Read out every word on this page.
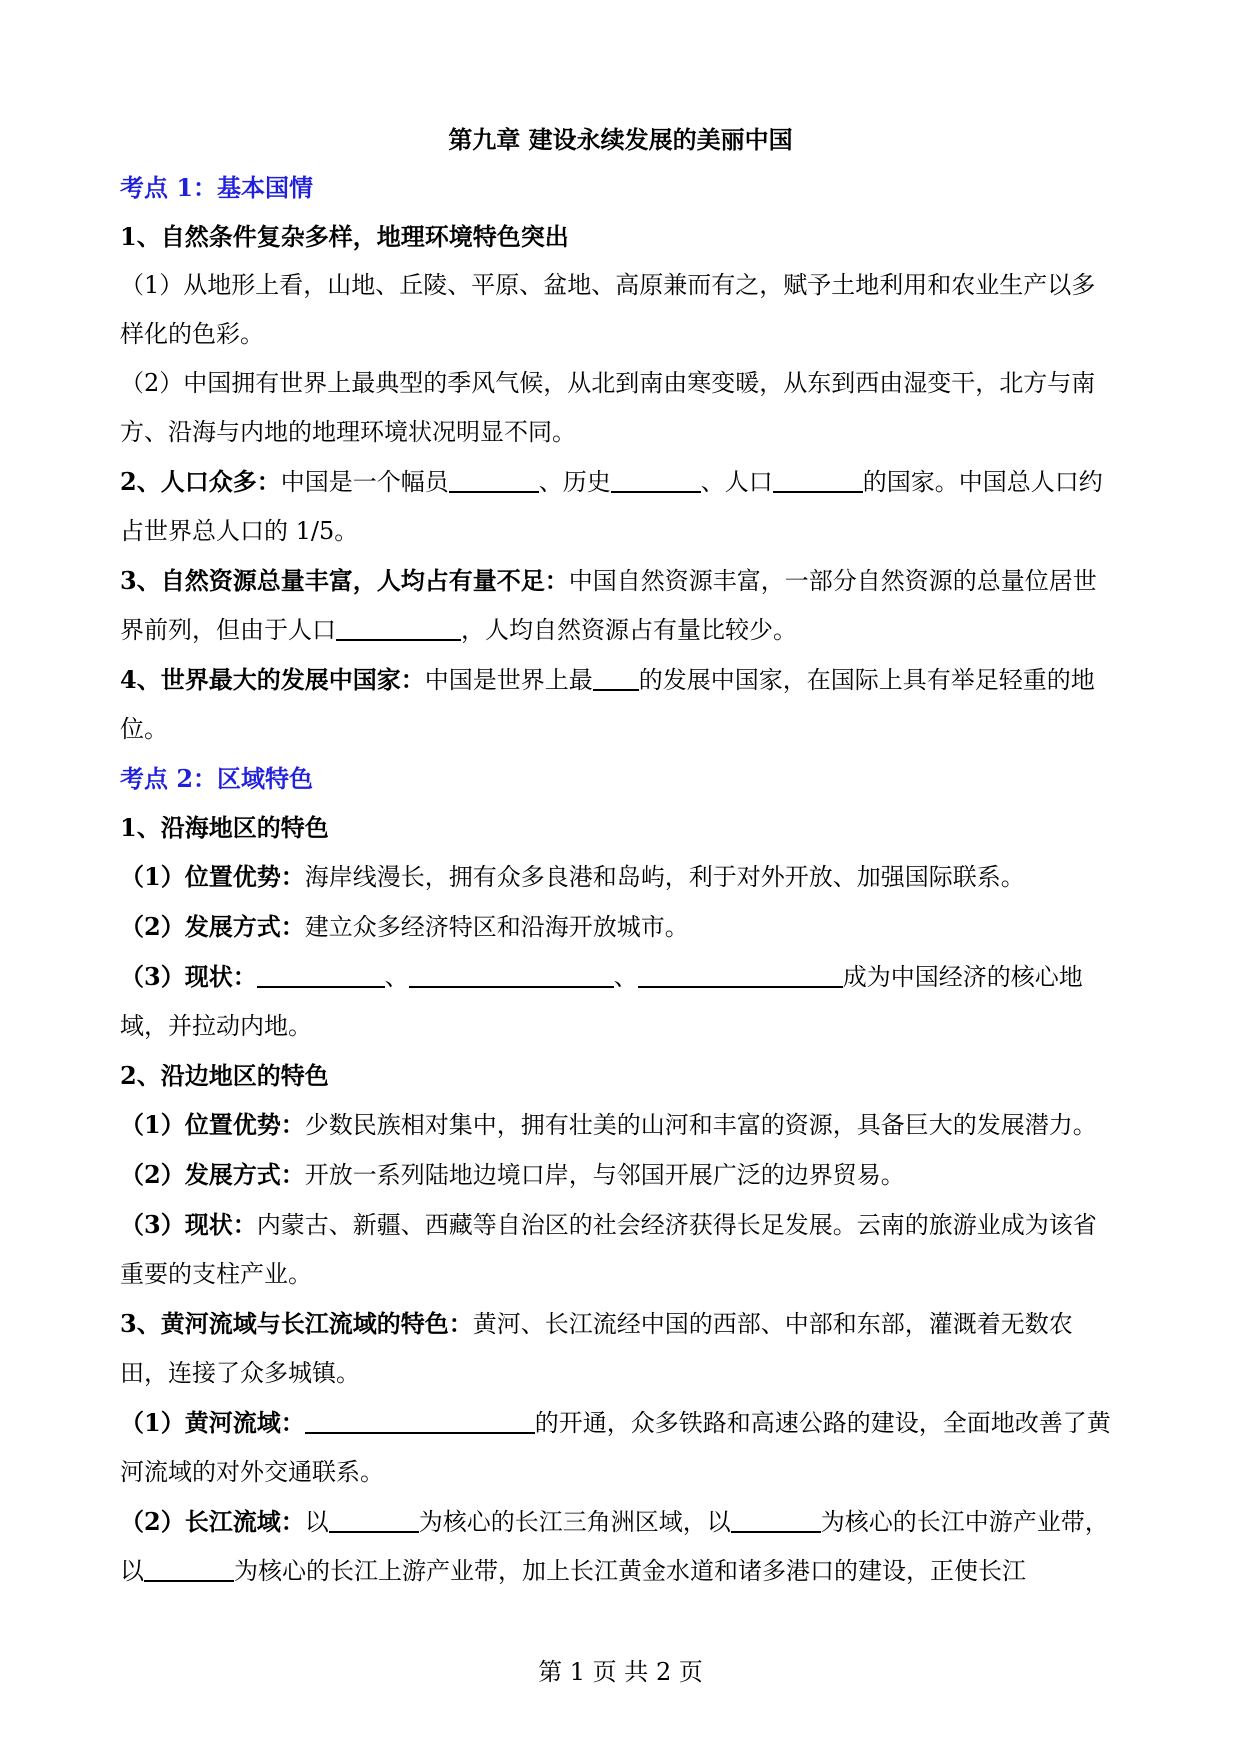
第九章 建设永续发展的美丽中国

考点 1：基本国情

1、自然条件复杂多样，地理环境特色突出

（1）从地形上看，山地、丘陵、平原、盆地、高原兼而有之，赋予土地利用和农业生产以多样化的色彩。

（2）中国拥有世界上最典型的季风气候，从北到南由寒变暖，从东到西由湿变干，北方与南方、沿海与内地的地理环境状况明显不同。

2、人口众多：中国是一个幅员	、历史	、人口	的国家。中国总人口约占世界总人口的 1/5。

3、自然资源总量丰富，人均占有量不足：中国自然资源丰富，一部分自然资源的总量位居世界前列，但由于人口	，人均自然资源占有量比较少。

4、世界最大的发展中国家：中国是世界上最 的发展中国家，在国际上具有举足轻重的地位。

考点 2：区域特色

1、沿海地区的特色

（1）位置优势：海岸线漫长，拥有众多良港和岛屿，利于对外开放、加强国际联系。

（2）发展方式：建立众多经济特区和沿海开放城市。

（3）现状：	、	、	成为中国经济的核心地域，并拉动内地。

2、沿边地区的特色

（1）位置优势：少数民族相对集中，拥有壮美的山河和丰富的资源，具备巨大的发展潜力。

（2）发展方式：开放一系列陆地边境口岸，与邻国开展广泛的边界贸易。

（3）现状：内蒙古、新疆、西藏等自治区的社会经济获得长足发展。云南的旅游业成为该省重要的支柱产业。

3、黄河流域与长江流域的特色：黄河、长江流经中国的西部、中部和东部，灌溉着无数农田，连接了众多城镇。

（1）黄河流域：	的开通，众多铁路和高速公路的建设，全面地改善了黄河流域的对外交通联系。

（2）长江流域：以	为核心的长江三角洲区域，以	为核心的长江中游产业带，以	为核心的长江上游产业带，加上长江黄金水道和诸多港口的建设，正使长江

第 1 页 共 2 页
